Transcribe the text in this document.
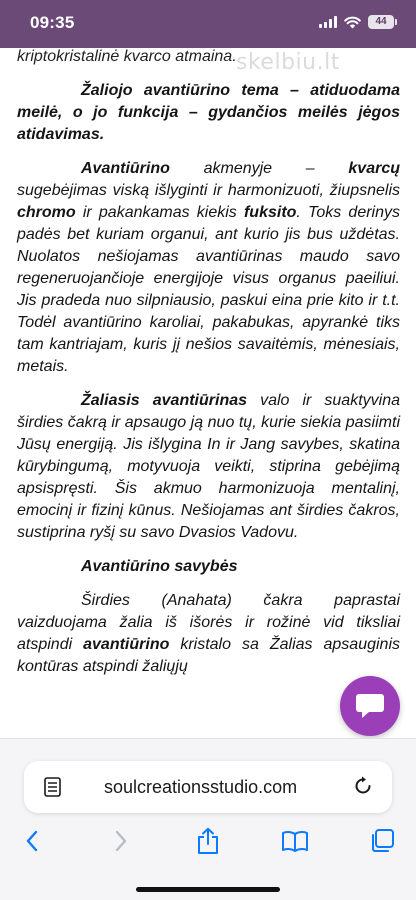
09:35	44
skelbiu.lt

kriptokristalinė kvarco atmaina.

Žaliojo avantiūrino tema – atiduodama meilė, o jo funkcija – gydančios meilės jėgos atidavimas.

Avantiūrino akmenyje – kvarcų sugebėjimas viską išlyginti ir harmonizuoti, žiupsnelis chromo ir pakankamas kiekis fuksito. Toks derinys padės bet kuriam organui, ant kurio jis bus uždėtas. Nuolatos nešiojamas avantiūrinas maudo savo regeneruojančioje energijoje visus organus paeiliui. Jis pradeda nuo silpniausio, paskui eina prie kito ir t.t. Todėl avantiūrino karoliai, pakabukas, apyrankė tiks tam kantriajam, kuris jį nešios savaitėmis, mėnesiais, metais.

Žaliasis avantiūrinas valo ir suaktyvina širdies čakrą ir apsaugo ją nuo tų, kurie siekia pasiimti Jūsų energiją. Jis išlygina In ir Jang savybes, skatina kūrybingumą, motyvuoja veikti, stiprina gebėjimą apsispręsti. Šis akmuo harmonizuoja mentalinį, emocinį ir fizinį kūnus. Nešiojamas ant širdies čakros, sustiprina ryšį su savo Dvasios Vadovu.

Avantiūrino savybės

Širdies (Anahata) čakra paprastai vaizduojama žalia iš išorės ir rožinė vid tiksliai atspindi avantiūrino kristalo sa Žalias apsauginis kontūras atspindi žaliųjų

soulcreationsstudio.com
